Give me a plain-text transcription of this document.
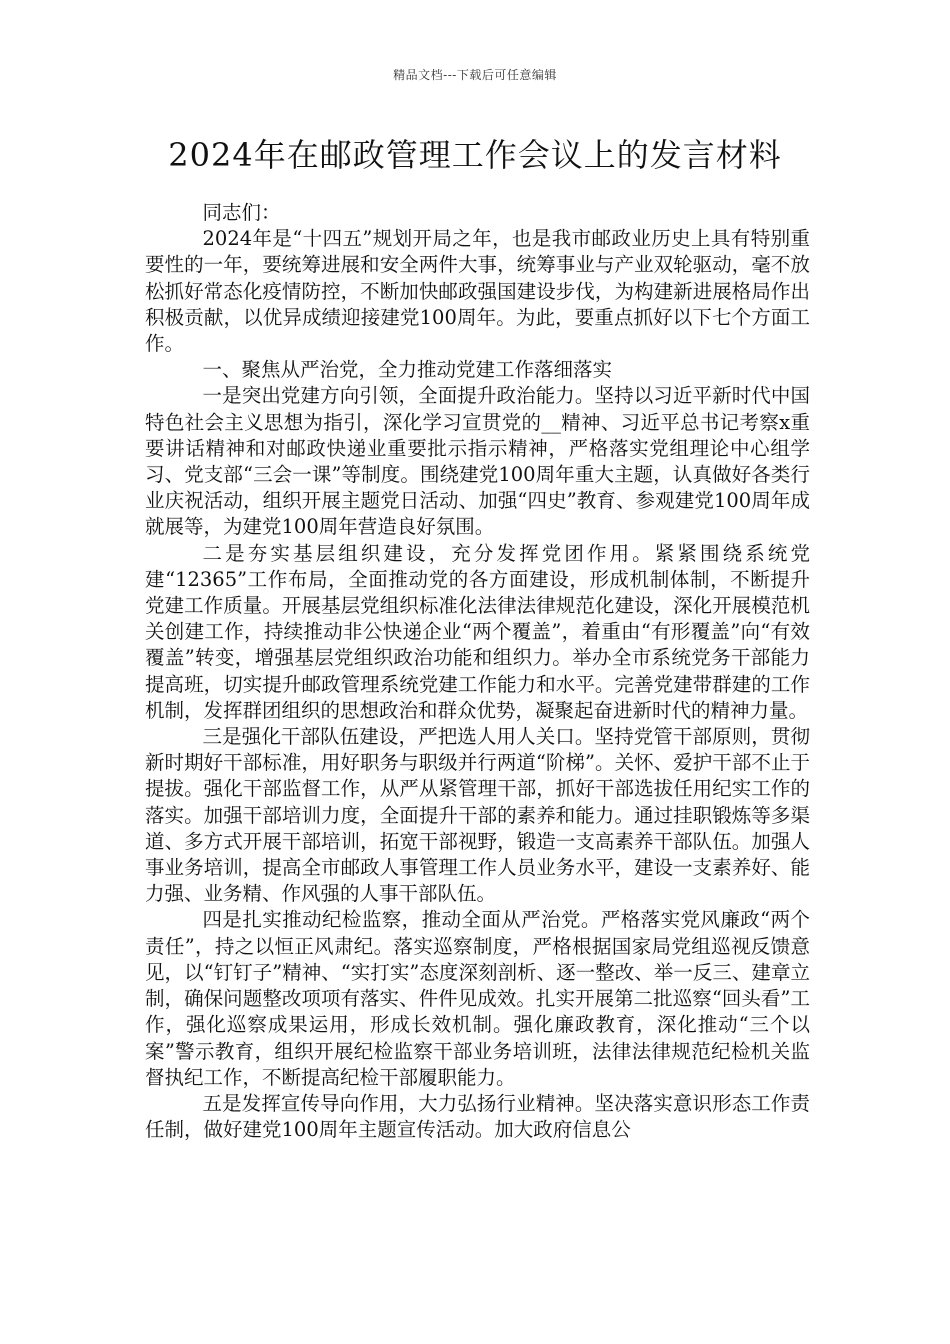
精品文档---下载后可任意编辑
2024年在邮政管理工作会议上的发言材料

同志们：

2024年是“十四五”规划开局之年，也是我市邮政业历史上具有特别重要性的一年，要统筹进展和安全两件大事，统筹事业与产业双轮驱动，毫不放松抓好常态化疫情防控，不断加快邮政强国建设步伐，为构建新进展格局作出积极贡献，以优异成绩迎接建党100周年。为此，要重点抓好以下七个方面工作。

一、聚焦从严治党，全力推动党建工作落细落实

一是突出党建方向引领，全面提升政治能力。坚持以习近平新时代中国特色社会主义思想为指引，深化学习宣贯党的__精神、习近平总书记考察x重要讲话精神和对邮政快递业重要批示指示精神，严格落实党组理论中心组学习、党支部“三会一课”等制度。围绕建党100周年重大主题，认真做好各类行业庆祝活动，组织开展主题党日活动、加强“四史”教育、参观建党100周年成就展等，为建党100周年营造良好氛围。

二是夯实基层组织建设，充分发挥党团作用。紧紧围绕系统党建“12365”工作布局，全面推动党的各方面建设，形成机制体制，不断提升党建工作质量。开展基层党组织标准化法律法律规范化建设，深化开展模范机关创建工作，持续推动非公快递企业“两个覆盖”，着重由“有形覆盖”向“有效覆盖”转变，增强基层党组织政治功能和组织力。举办全市系统党务干部能力提高班，切实提升邮政管理系统党建工作能力和水平。完善党建带群建的工作机制，发挥群团组织的思想政治和群众优势，凝聚起奋进新时代的精神力量。

三是强化干部队伍建设，严把选人用人关口。坚持党管干部原则，贯彻新时期好干部标准，用好职务与职级并行两道“阶梯”。关怀、爱护干部不止于提拔。强化干部监督工作，从严从紧管理干部，抓好干部选拔任用纪实工作的落实。加强干部培训力度，全面提升干部的素养和能力。通过挂职锻炼等多渠道、多方式开展干部培训，拓宽干部视野，锻造一支高素养干部队伍。加强人事业务培训，提高全市邮政人事管理工作人员业务水平，建设一支素养好、能力强、业务精、作风强的人事干部队伍。

四是扎实推动纪检监察，推动全面从严治党。严格落实党风廉政“两个责任”，持之以恒正风肃纪。落实巡察制度，严格根据国家局党组巡视反馈意见，以“钉钉子”精神、“实打实”态度深刻剖析、逐一整改、举一反三、建章立制，确保问题整改项项有落实、件件见成效。扎实开展第二批巡察“回头看”工作，强化巡察成果运用，形成长效机制。强化廉政教育，深化推动“三个以案”警示教育，组织开展纪检监察干部业务培训班，法律法律规范纪检机关监督执纪工作，不断提高纪检干部履职能力。

五是发挥宣传导向作用，大力弘扬行业精神。坚决落实意识形态工作责任制，做好建党100周年主题宣传活动。加大政府信息公
